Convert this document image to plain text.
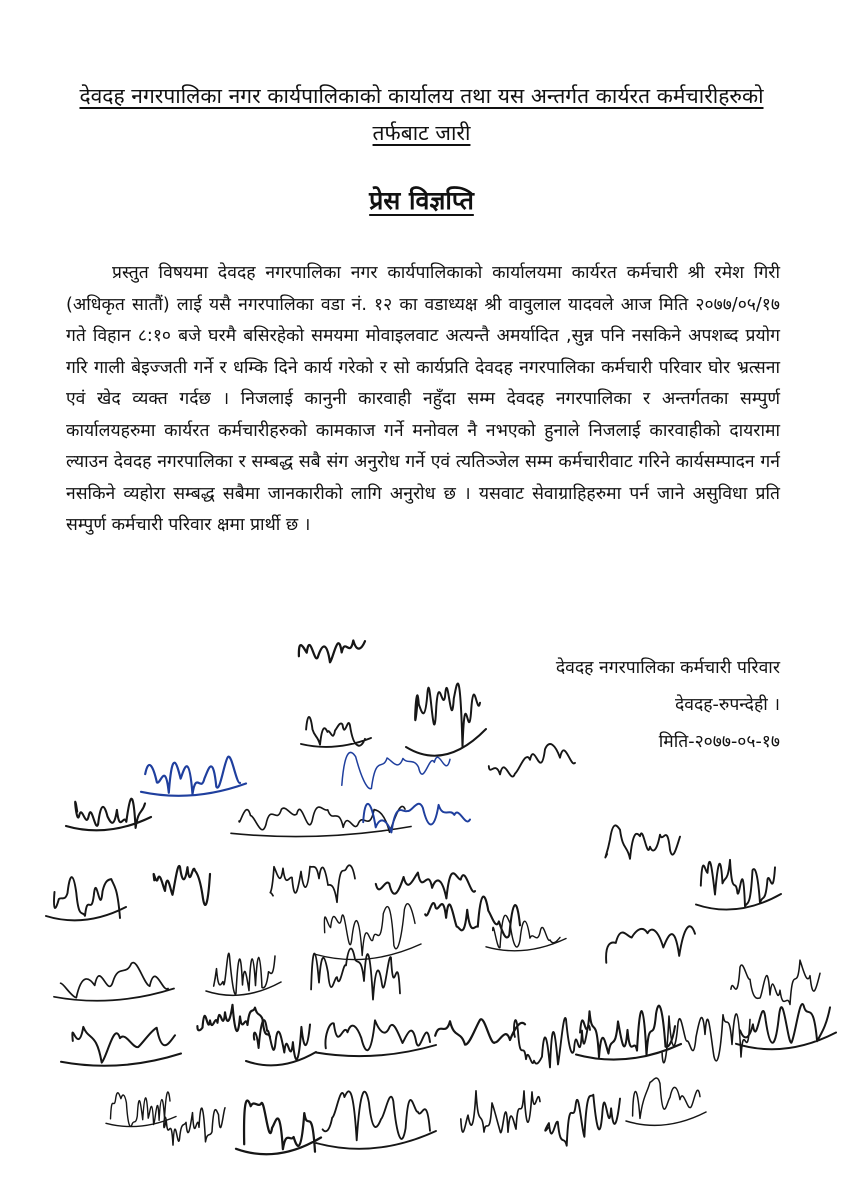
देवदह नगरपालिका नगर कार्यपालिकाको कार्यालय तथा यस अन्तर्गत कार्यरत कर्मचारीहरुको
तर्फबाट जारी
प्रेस विज्ञप्ति

प्रस्तुत विषयमा देवदह नगरपालिका नगर कार्यपालिकाको कार्यालयमा कार्यरत कर्मचारी श्री रमेश गिरी (अधिकृत सातौं) लाई यसै नगरपालिका वडा नं. १२ का वडाध्यक्ष श्री वावुलाल यादवले आज मिति २०७७/०५/१७ गते विहान ८:१० बजे घरमै बसिरहेको समयमा मोवाइलवाट अत्यन्तै अमर्यादित ,सुन्न पनि नसकिने अपशब्द प्रयोग गरि गाली बेइज्जती गर्ने र धम्कि दिने कार्य गरेको र सो कार्यप्रति देवदह नगरपालिका कर्मचारी परिवार घोर भ्रत्सना एवं खेद व्यक्त गर्दछ । निजलाई कानुनी कारवाही नहुँदा सम्म देवदह नगरपालिका र अन्तर्गतका सम्पुर्ण कार्यालयहरुमा कार्यरत कर्मचारीहरुको कामकाज गर्ने मनोवल नै नभएको हुनाले निजलाई कारवाहीको दायरामा ल्याउन देवदह नगरपालिका र सम्बद्ध सबै संग अनुरोध गर्ने एवं त्यतिञ्जेल सम्म कर्मचारीवाट गरिने कार्यसम्पादन गर्न नसकिने व्यहोरा सम्बद्ध सबैमा जानकारीको लागि अनुरोध छ । यसवाट सेवाग्राहिहरुमा पर्न जाने असुविधा प्रति सम्पुर्ण कर्मचारी परिवार क्षमा प्रार्थी छ ।

देवदह नगरपालिका कर्मचारी परिवार
देवदह-रुपन्देही ।
मिति-२०७७-०५-१७
